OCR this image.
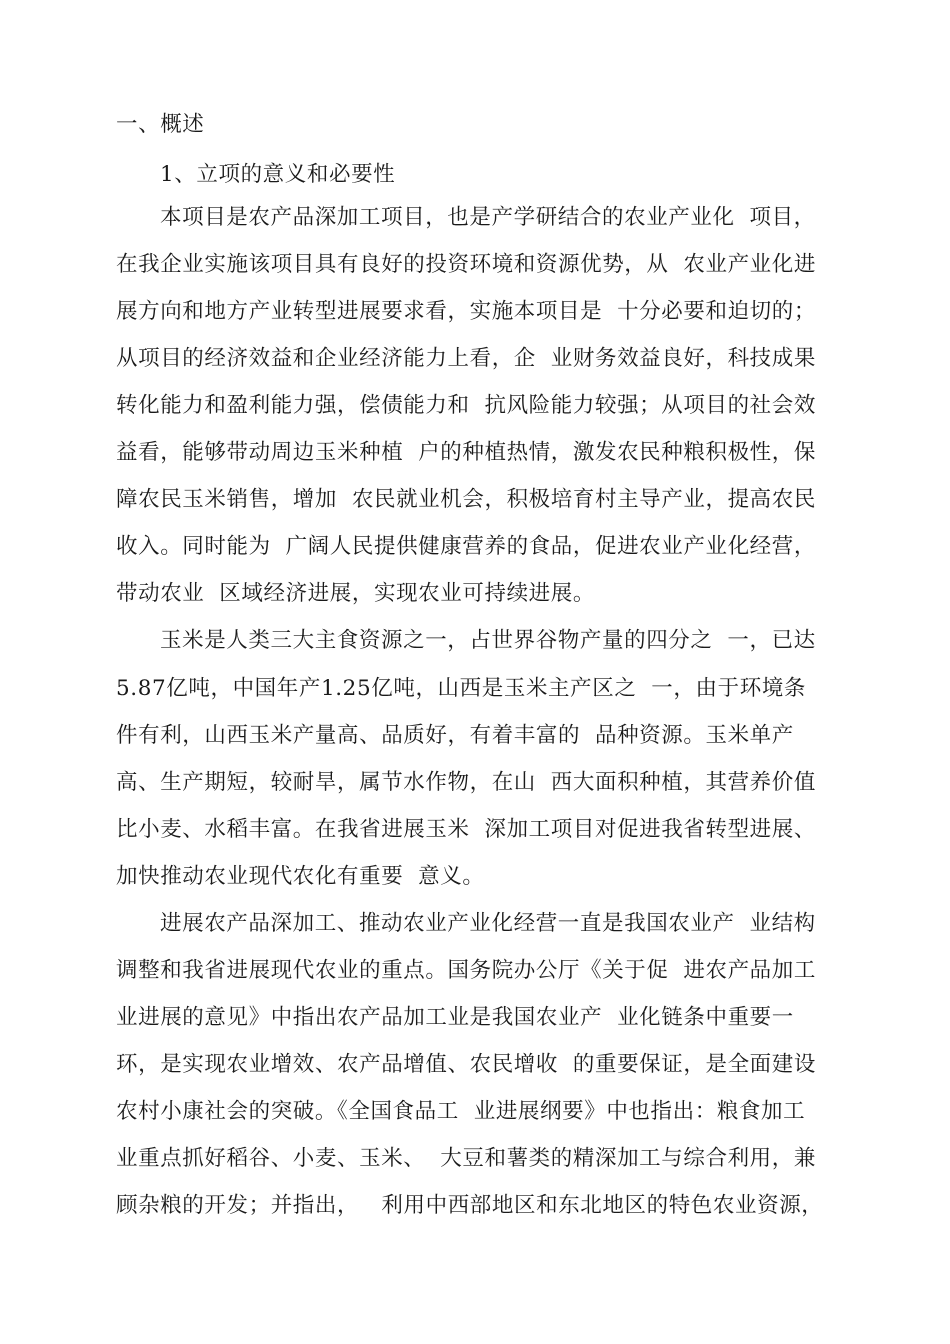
一、概述
1、立项的意义和必要性
本项目是农产品深加工项目，也是产学研结合的农业产业化  项目，
在我企业实施该项目具有良好的投资环境和资源优势，从  农业产业化进
展方向和地方产业转型进展要求看，实施本项目是  十分必要和迫切的；
从项目的经济效益和企业经济能力上看，企  业财务效益良好，科技成果
转化能力和盈利能力强，偿债能力和  抗风险能力较强；从项目的社会效
益看，能够带动周边玉米种植  户的种植热情，激发农民种粮积极性，保
障农民玉米销售，增加  农民就业机会，积极培育村主导产业，提高农民
收入。同时能为  广阔人民提供健康营养的食品，促进农业产业化经营，
带动农业  区域经济进展，实现农业可持续进展。
玉米是人类三大主食资源之一，占世界谷物产量的四分之  一，已达
5.87亿吨，中国年产1.25亿吨，山西是玉米主产区之  一，由于环境条
件有利，山西玉米产量高、品质好，有着丰富的  品种资源。玉米单产
高、生产期短，较耐旱，属节水作物，在山  西大面积种植，其营养价值
比小麦、水稻丰富。在我省进展玉米  深加工项目对促进我省转型进展、
加快推动农业现代农化有重要  意义。
进展农产品深加工、推动农业产业化经营一直是我国农业产  业结构
调整和我省进展现代农业的重点。国务院办公厅《关于促  进农产品加工
业进展的意见》中指出农产品加工业是我国农业产  业化链条中重要一
环，是实现农业增效、农产品增值、农民增收  的重要保证，是全面建设
农村小康社会的突破。《全国食品工  业进展纲要》中也指出：粮食加工
业重点抓好稻谷、小麦、玉米、  大豆和薯类的精深加工与综合利用，兼
顾杂粮的开发；并指出，   利用中西部地区和东北地区的特色农业资源，
